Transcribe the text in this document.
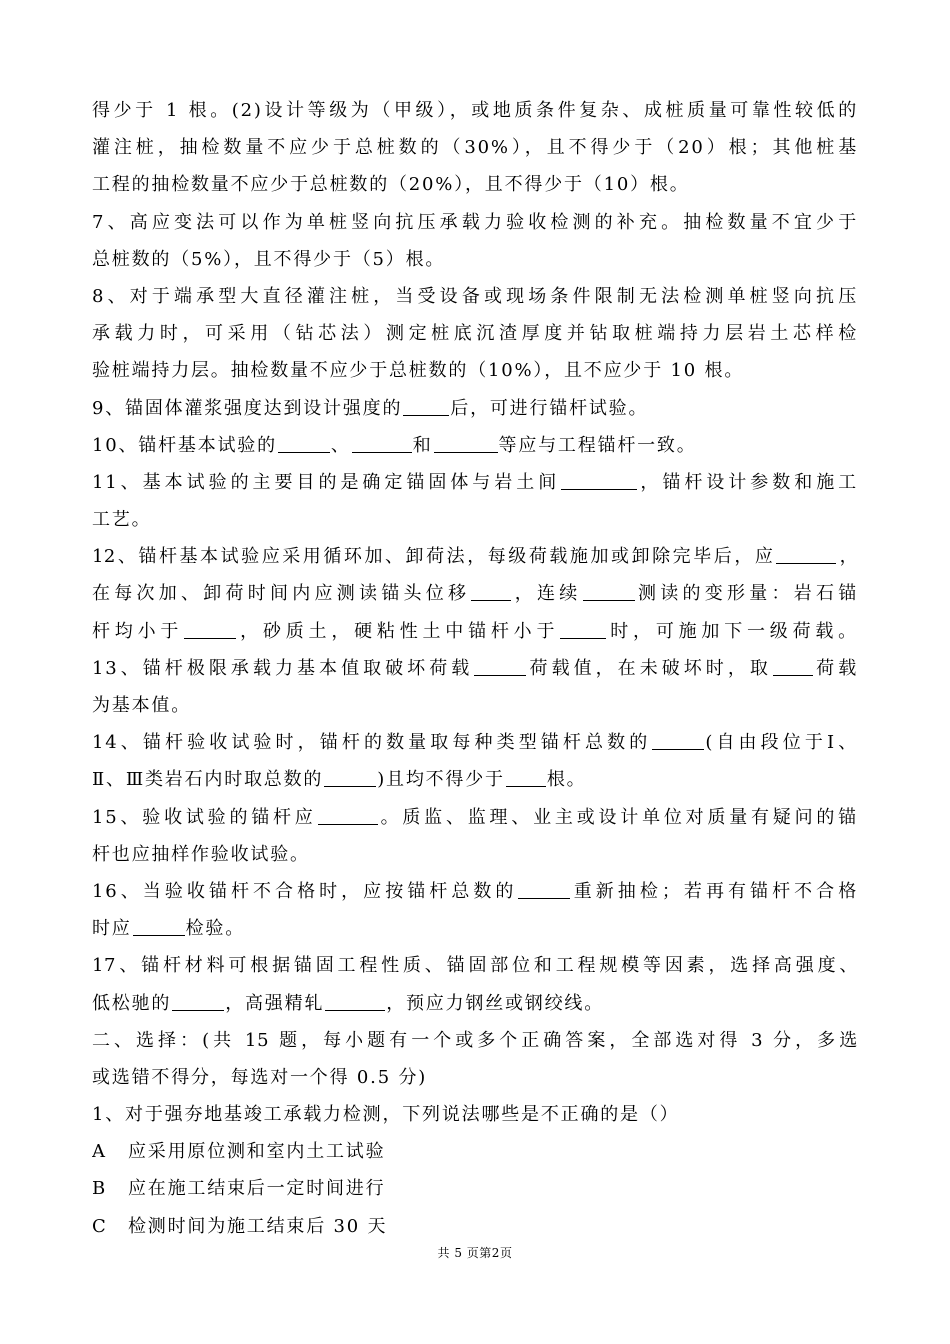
得少于 1 根。(2)设计等级为（甲级），或地质条件复杂、成桩质量可靠性较低的
灌注桩，抽检数量不应少于总桩数的（30%），且不得少于（20）根；其他桩基
工程的抽检数量不应少于总桩数的（20%），且不得少于（10）根。
7、高应变法可以作为单桩竖向抗压承载力验收检测的补充。抽检数量不宜少于
总桩数的（5%），且不得少于（5）根。
8、对于端承型大直径灌注桩，当受设备或现场条件限制无法检测单桩竖向抗压
承载力时，可采用（钻芯法）测定桩底沉渣厚度并钻取桩端持力层岩土芯样检
验桩端持力层。抽检数量不应少于总桩数的（10%），且不应少于 10 根。
9、锚固体灌浆强度达到设计强度的	后，可进行锚杆试验。
10、锚杆基本试验的	、	和	等应与工程锚杆一致。
11、基本试验的主要目的是确定锚固体与岩土间	，锚杆设计参数和施工
工艺。
12、锚杆基本试验应采用循环加、卸荷法，每级荷载施加或卸除完毕后，应	，
在每次加、卸荷时间内应测读锚头位移 ，连续	测读的变形量：岩石锚
杆均小于	，砂质土，硬粘性土中锚杆小于	时，可施加下一级荷载。
13、锚杆极限承载力基本值取破坏荷载	荷载值，在未破坏时，取 荷载
为基本值。
14、锚杆验收试验时，锚杆的数量取每种类型锚杆总数的	(自由段位于Ⅰ、
Ⅱ、Ⅲ类岩石内时取总数的	)且均不得少于 根。
15、验收试验的锚杆应	。质监、监理、业主或设计单位对质量有疑问的锚
杆也应抽样作验收试验。
16、当验收锚杆不合格时，应按锚杆总数的	重新抽检；若再有锚杆不合格
时应	检验。
17、锚杆材料可根据锚固工程性质、锚固部位和工程规模等因素，选择高强度、
低松驰的	，高强精轧	，预应力钢丝或钢绞线。
二、选择：(共 15 题，每小题有一个或多个正确答案，全部选对得 3 分，多选
或选错不得分，每选对一个得 0.5 分)
1、对于强夯地基竣工承载力检测，下列说法哪些是不正确的是（）
A 应采用原位测和室内土工试验
B 应在施工结束后一定时间进行
C 检测时间为施工结束后 30 天
共 5 页第2页
